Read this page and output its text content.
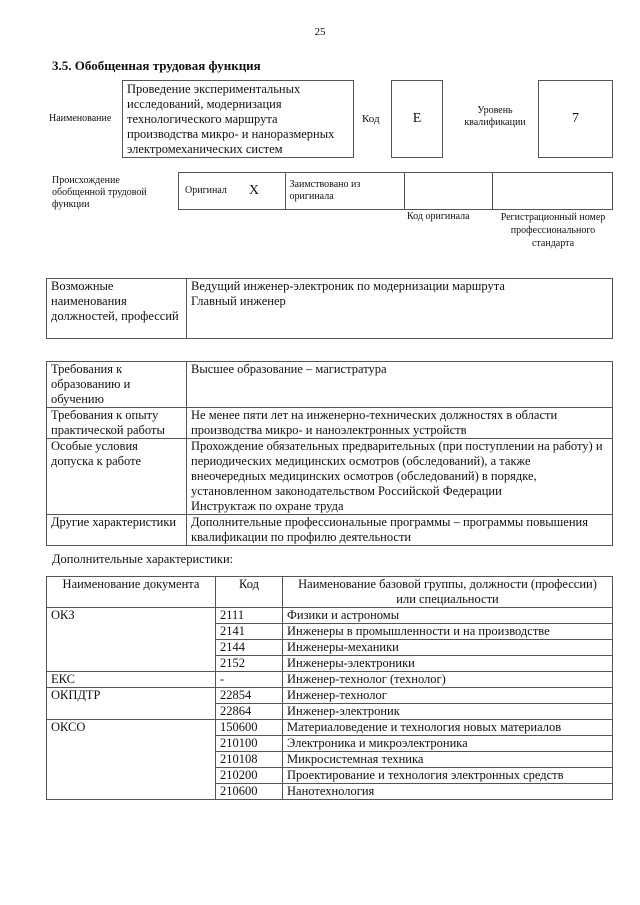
25
3.5. Обобщенная трудовая функция
Наименование
Проведение экспериментальных исследований, модернизация технологического маршрута производства микро- и наноразмерных электромеханических систем
Код	E
Уровень квалификации	7
Происхождение обобщенной трудовой функции
Оригинал X	Заимствовано из оригинала
Код оригинала	Регистрационный номер профессионального стандарта
Возможные наименования должностей, профессий	
Ведущий инженер-электроник по модернизации маршрута
Главный инженер
Требования к образованию и обучению	Высшее образование – магистратура
Требования к опыту практической работы	Не менее пяти лет на инженерно-технических должностях в области производства микро- и наноэлектронных устройств
Особые условия допуска к работе	Прохождение обязательных предварительных (при поступлении на работу) и периодических медицинских осмотров (обследований), а также внеочередных медицинских осмотров (обследований) в порядке, установленном законодательством Российской Федерации
Инструктаж по охране труда

Другие характеристики	Дополнительные профессиональные программы – программы повышения квалификации по профилю деятельности
Дополнительные характеристики:
Наименование документа	Код	Наименование базовой группы, должности (профессии) или специальности
ОКЗ	2111	Физики и астрономы
	2141	Инженеры в промышленности и на производстве
	2144	Инженеры-механики
	2152	Инженеры-электроники
ЕКС	-	Инженер-технолог (технолог)
ОКПДТР	22854	Инженер-технолог
	22864	Инженер-электроник
ОКСО	150600	Материаловедение и технология новых материалов
	210100	Электроника и микроэлектроника
	210108	Микросистемная техника
	210200	Проектирование и технология электронных средств
	210600	Нанотехнология
